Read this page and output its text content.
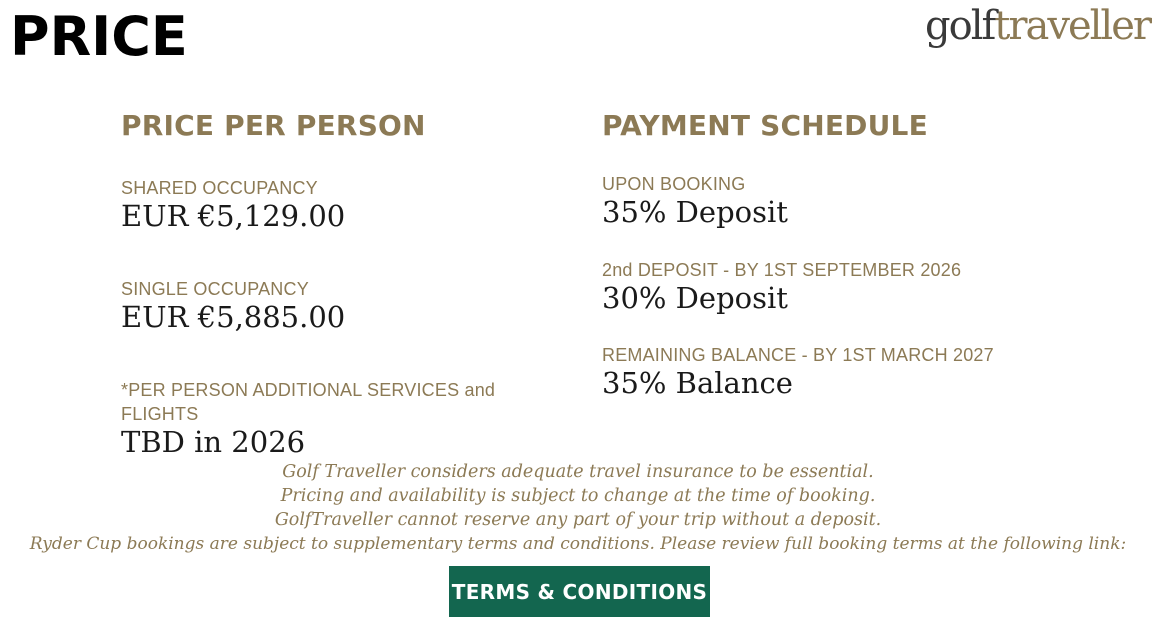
PRICE	golftraveller
PRICE PER PERSON
SHARED OCCUPANCY
EUR €5,129.00
SINGLE OCCUPANCY
EUR €5,885.00
*PER PERSON ADDITIONAL SERVICES and FLIGHTS
TBD in 2026
PAYMENT SCHEDULE
UPON BOOKING
35% Deposit
2nd DEPOSIT - BY 1ST SEPTEMBER 2026
30% Deposit
REMAINING BALANCE - BY 1ST MARCH 2027
35% Balance
Golf Traveller considers adequate travel insurance to be essential.
Pricing and availability is subject to change at the time of booking.
GolfTraveller cannot reserve any part of your trip without a deposit.
Ryder Cup bookings are subject to supplementary terms and conditions. Please review full booking terms at the following link:
TERMS & CONDITIONS
